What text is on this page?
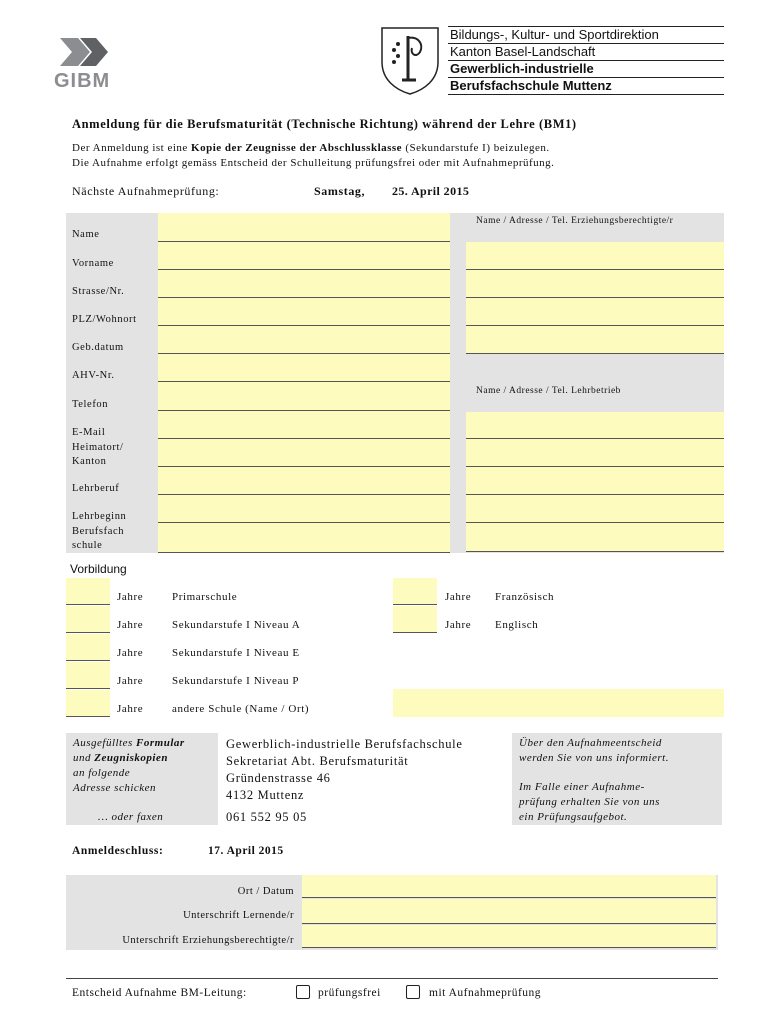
GIBM
Bildungs-, Kultur- und Sportdirektion
Kanton Basel-Landschaft
Gewerblich-industrielle
Berufsfachschule Muttenz
Anmeldung für die Berufsmaturität (Technische Richtung) während der Lehre (BM1)
Der Anmeldung ist eine Kopie der Zeugnisse der Abschlussklasse (Sekundarstufe I) beizulegen.
Die Aufnahme erfolgt gemäss Entscheid der Schulleitung prüfungsfrei oder mit Aufnahmeprüfung.
Nächste Aufnahmeprüfung:	Samstag, 25. April 2015
Name / Adresse / Tel. Erziehungsberechtigte/r
Name / Adresse / Tel. Lehrbetrieb
Name
Vorname
Strasse/Nr.
PLZ/Wohnort
Geb.datum
AHV-Nr.
Telefon
E-Mail
Heimatort/ Kanton
Lehrberuf
Lehrbeginn
Berufsfach schule
Vorbildung
Jahre	Primarschule
Jahre	Sekundarstufe I Niveau A
Jahre	Sekundarstufe I Niveau E
Jahre	Sekundarstufe I Niveau P
Jahre	andere Schule (Name / Ort)
Jahre Französisch
Jahre Englisch
Ausgefülltes Formular
und Zeugniskopien
an folgende
Adresse schicken
… oder faxen
Gewerblich-industrielle Berufsfachschule
Sekretariat Abt. Berufsmaturität
Gründenstrasse 46
4132 Muttenz
061 552 95 05
Über den Aufnahmeentscheid
werden Sie von uns informiert.
Im Falle einer Aufnahme-
prüfung erhalten Sie von uns
ein Prüfungsaufgebot.
Anmeldeschluss:	17. April 2015
Ort / Datum
Unterschrift Lernende/r
Unterschrift Erziehungsberechtigte/r
Entscheid Aufnahme BM-Leitung:	prüfungsfrei	mit Aufnahmeprüfung
